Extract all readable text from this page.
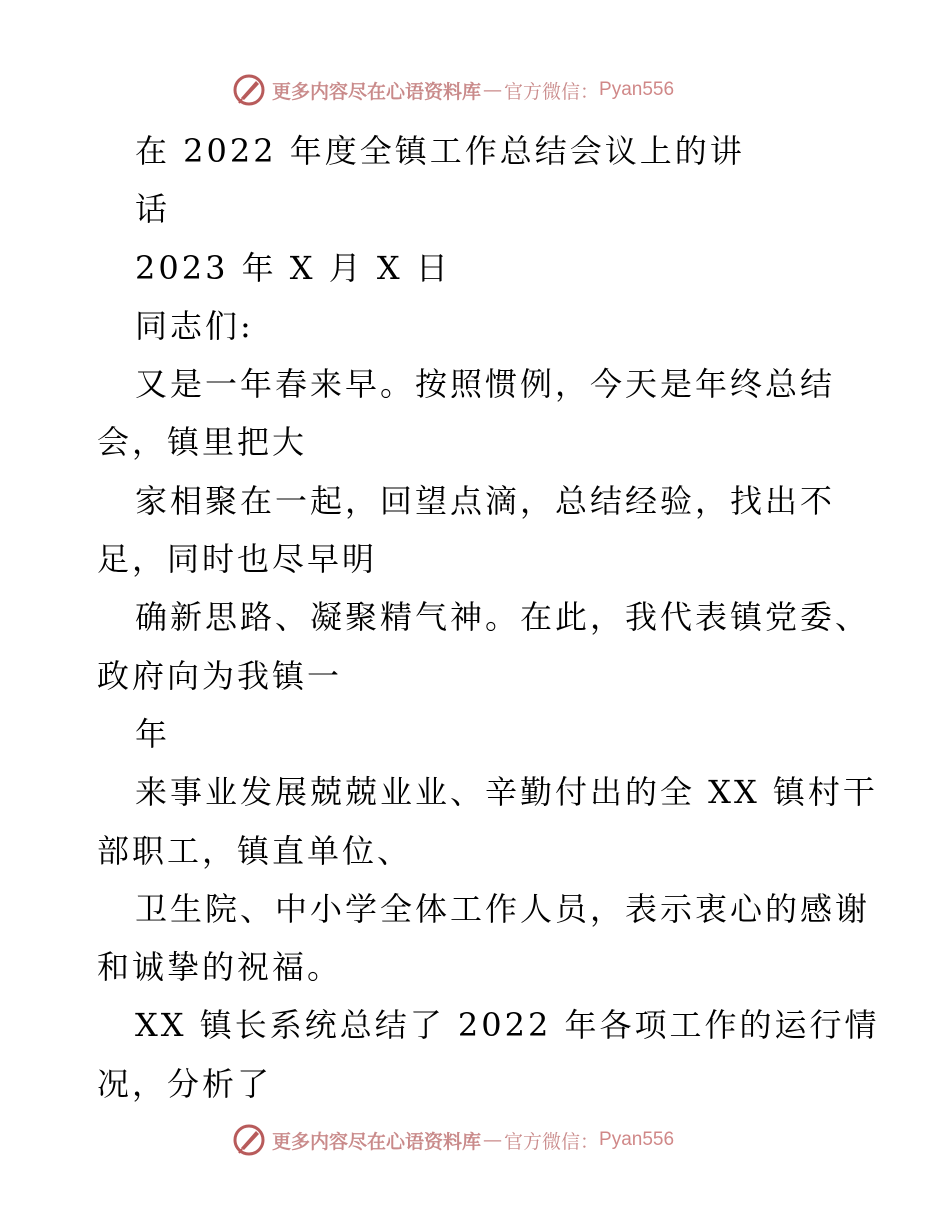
更多内容尽在心语资料库 — 官方微信： Pyan556
在 2022 年度全镇工作总结会议上的讲
话
2023 年 X 月 X 日
同志们:
又是一年春来早。按照惯例，今天是年终总结
会，镇里把大
家相聚在一起，回望点滴，总结经验，找出不
足，同时也尽早明
确新思路、凝聚精气神。在此，我代表镇党委、
政府向为我镇一
年
来事业发展兢兢业业、辛勤付出的全 XX 镇村干
部职工，镇直单位、
卫生院、中小学全体工作人员，表示衷心的感谢
和诚挚的祝福。
XX 镇长系统总结了 2022 年各项工作的运行情
况，分析了
更多内容尽在心语资料库 — 官方微信： Pyan556
